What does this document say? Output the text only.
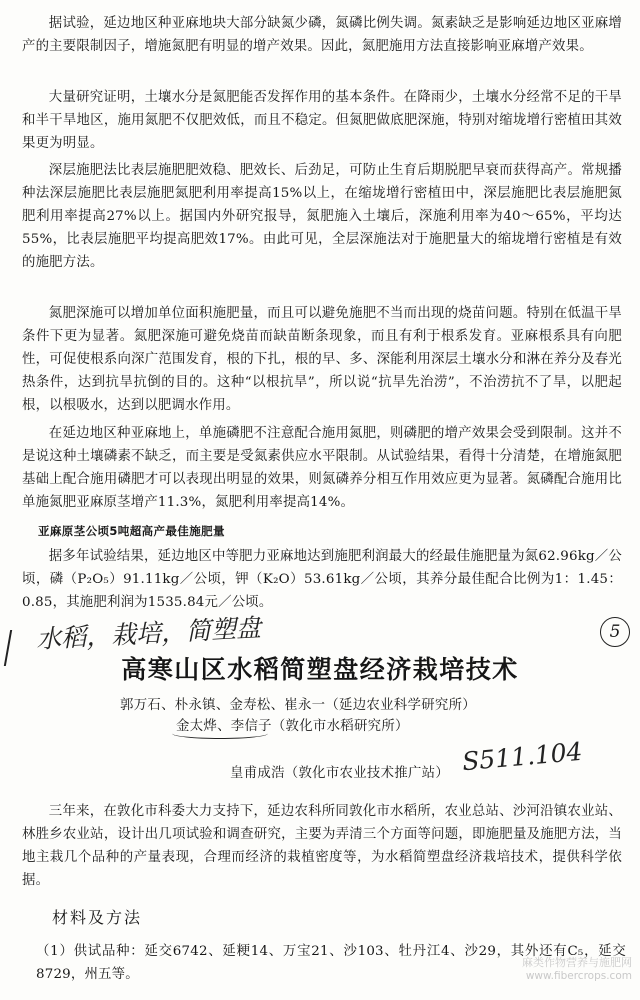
据试验，延边地区种亚麻地块大部分缺氮少磷，氮磷比例失调。氮素缺乏是影响延边地区亚麻增产的主要限制因子，增施氮肥有明显的增产效果。因此，氮肥施用方法直接影响亚麻增产效果。

大量研究证明，土壤水分是氮肥能否发挥作用的基本条件。在降雨少，土壤水分经常不足的干旱和半干旱地区，施用氮肥不仅肥效低，而且不稳定。但氮肥做底肥深施，特别对缩垅增行密植田其效果更为明显。

深层施肥法比表层施肥肥效稳、肥效长、后劲足，可防止生育后期脱肥早衰而获得高产。常规播种法深层施肥比表层施肥氮肥利用率提高15%以上，在缩垅增行密植田中，深层施肥比表层施肥氮肥利用率提高27%以上。据国内外研究报导，氮肥施入土壤后，深施利用率为40～65%，平均达55%，比表层施肥平均提高肥效17%。由此可见，全层深施法对于施肥量大的缩垅增行密植是有效的施肥方法。

氮肥深施可以增加单位面积施肥量，而且可以避免施肥不当而出现的烧苗问题。特别在低温干旱条件下更为显著。氮肥深施可避免烧苗而缺苗断条现象，而且有利于根系发育。亚麻根系具有向肥性，可促使根系向深广范围发育，根的下扎，根的早、多、深能利用深层土壤水分和淋在养分及春光热条件，达到抗旱抗倒的目的。这种“以根抗旱”，所以说“抗旱先治涝”，不治涝抗不了旱，以肥起根，以根吸水，达到以肥调水作用。

在延边地区种亚麻地上，单施磷肥不注意配合施用氮肥，则磷肥的增产效果会受到限制。这并不是说这种土壤磷素不缺乏，而主要是受氮素供应水平限制。从试验结果，看得十分清楚，在增施氮肥基础上配合施用磷肥才可以表现出明显的效果，则氮磷养分相互作用效应更为显著。氮磷配合施用比单施氮肥亚麻原茎增产11.3%，氮肥利用率提高14%。

亚麻原茎公顷5吨超高产最佳施肥量

据多年试验结果，延边地区中等肥力亚麻地达到施肥利润最大的经最佳施肥量为氮62.96kg／公顷，磷（P₂O₅）91.11kg／公顷，钾（K₂O）53.61kg／公顷，其养分最佳配合比例为1：1.45：0.85，其施肥利润为1535.84元／公顷。

水稻，栽培，简塑盘	5
高寒山区水稻简塑盘经济栽培技术
郭万石、朴永镇、金寿松、崔永一（延边农业科学研究所）
金太烨、李信子（敦化市水稻研究所）
S511.104
皇甫成浩（敦化市农业技术推广站）

三年来，在敦化市科委大力支持下，延边农科所同敦化市水稻所，农业总站、沙河沿镇农业站、林胜乡农业站，设计出几项试验和调查研究，主要为弄清三个方面等问题，即施肥量及施肥方法，当地主栽几个品种的产量表现，合理而经济的栽植密度等，为水稻简塑盘经济栽培技术，提供科学依据。

材料及方法

（1）供试品种：延交6742、延粳14、万宝21、沙103、牡丹江4、沙29，其外还有C₅，延交8729，州五等。

麻类作物营养与施肥网
www.fibercrops.com
